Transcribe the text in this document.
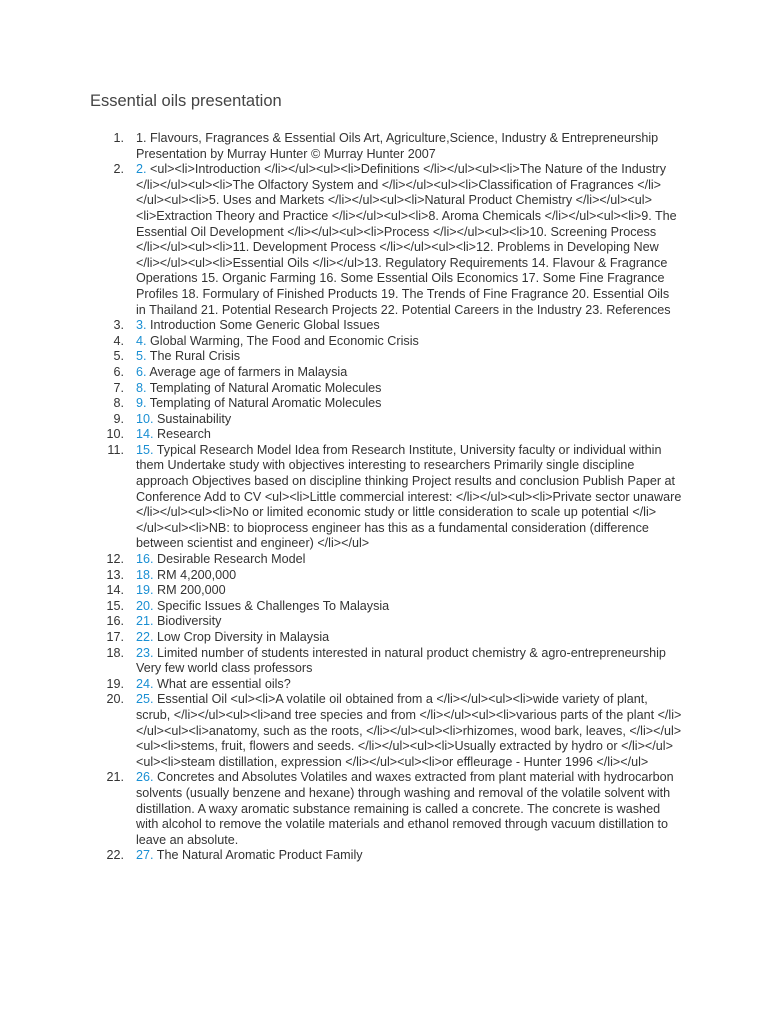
Essential oils presentation
1. 1. Flavours, Fragrances & Essential Oils Art, Agriculture,Science, Industry & Entrepreneurship Presentation by Murray Hunter © Murray Hunter 2007
2. 2. <ul><li>Introduction </li></ul><ul><li>Definitions </li></ul><ul><li>The Nature of the Industry </li></ul><ul><li>The Olfactory System and </li></ul><ul><li>Classification of Fragrances </li></ul><ul><li>5. Uses and Markets </li></ul><ul><li>Natural Product Chemistry </li></ul><ul><li>Extraction Theory and Practice </li></ul><ul><li>8. Aroma Chemicals </li></ul><ul><li>9. The Essential Oil Development </li></ul><ul><li>Process </li></ul><ul><li>10. Screening Process </li></ul><ul><li>11. Development Process </li></ul><ul><li>12. Problems in Developing New </li></ul><ul><li>Essential Oils </li></ul>13. Regulatory Requirements 14. Flavour & Fragrance Operations 15. Organic Farming 16. Some Essential Oils Economics 17. Some Fine Fragrance Profiles 18. Formulary of Finished Products 19. The Trends of Fine Fragrance 20. Essential Oils in Thailand 21. Potential Research Projects 22. Potential Careers in the Industry 23. References
3. 3. Introduction Some Generic Global Issues
4. 4. Global Warming, The Food and Economic Crisis
5. 5. The Rural Crisis
6. 6. Average age of farmers in Malaysia
7. 8. Templating of Natural Aromatic Molecules
8. 9. Templating of Natural Aromatic Molecules
9. 10. Sustainability
10. 14. Research
11. 15. Typical Research Model Idea from Research Institute, University faculty or individual within them Undertake study with objectives interesting to researchers Primarily single discipline approach Objectives based on discipline thinking Project results and conclusion Publish Paper at Conference Add to CV <ul><li>Little commercial interest: </li></ul><ul><li>Private sector unaware </li></ul><ul><li>No or limited economic study or little consideration to scale up potential </li></ul><ul><li>NB: to bioprocess engineer has this as a fundamental consideration (difference between scientist and engineer) </li></ul>
12. 16. Desirable Research Model
13. 18. RM 4,200,000
14. 19. RM 200,000
15. 20. Specific Issues & Challenges To Malaysia
16. 21. Biodiversity
17. 22. Low Crop Diversity in Malaysia
18. 23. Limited number of students interested in natural product chemistry & agro-entrepreneurship Very few world class professors
19. 24. What are essential oils?
20. 25. Essential Oil <ul><li>A volatile oil obtained from a </li></ul><ul><li>wide variety of plant, scrub, </li></ul><ul><li>and tree species and from </li></ul><ul><li>various parts of the plant </li></ul><ul><li>anatomy, such as the roots, </li></ul><ul><li>rhizomes, wood bark, leaves, </li></ul><ul><li>stems, fruit, flowers and seeds. </li></ul><ul><li>Usually extracted by hydro or </li></ul><ul><li>steam distillation, expression </li></ul><ul><li>or effleurage - Hunter 1996 </li></ul>
21. 26. Concretes and Absolutes Volatiles and waxes extracted from plant material with hydrocarbon solvents (usually benzene and hexane) through washing and removal of the volatile solvent with distillation. A waxy aromatic substance remaining is called a concrete. The concrete is washed with alcohol to remove the volatile materials and ethanol removed through vacuum distillation to leave an absolute.
22. 27. The Natural Aromatic Product Family
